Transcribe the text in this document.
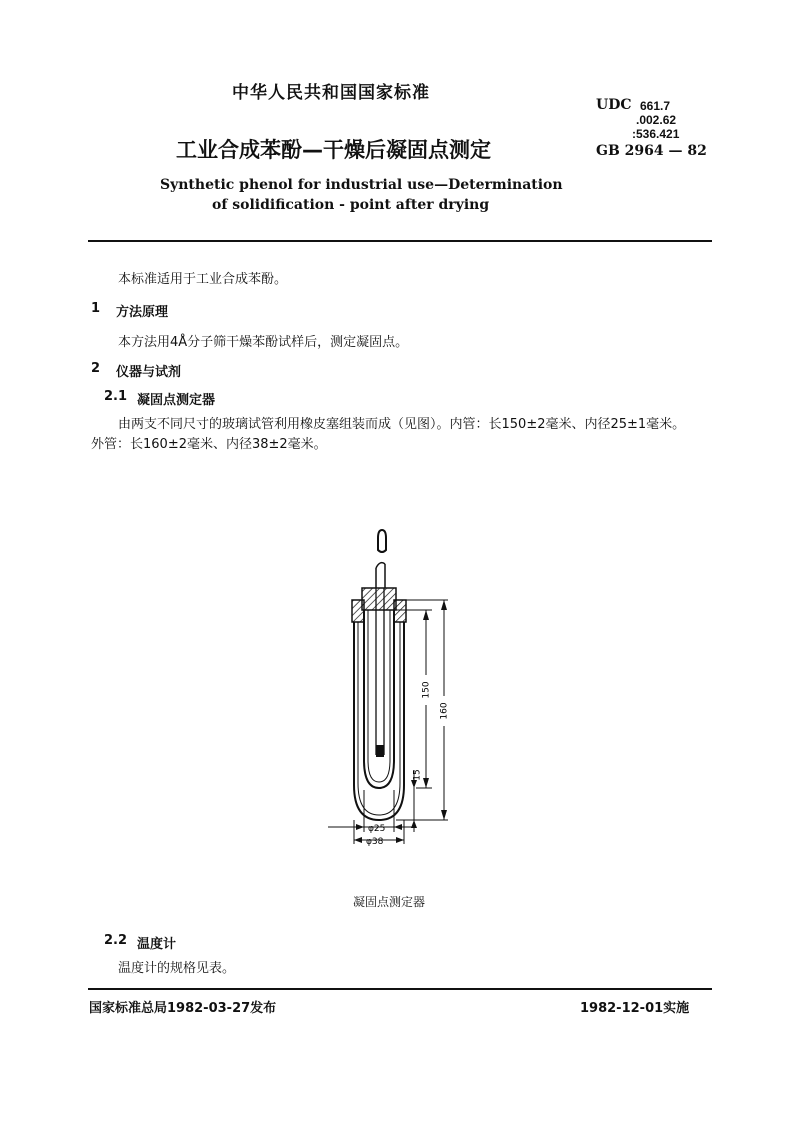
中华人民共和国国家标准
UDC 661.7
.002.62
:536.421
GB 2964 — 82
工业合成苯酚—干燥后凝固点测定
Synthetic phenol for industrial use—Determination
of solidification - point after drying
本标准适用于工业合成苯酚。
1 方法原理
本方法用4Å分子筛干燥苯酚试样后，测定凝固点。
2 仪器与试剂
2.1 凝固点测定器
由两支不同尺寸的玻璃试管利用橡皮塞组装而成（见图）。内管：长150±2毫米、内径25±1毫米。
外管：长160±2毫米、内径38±2毫米。
160
150
15
φ25
φ38
凝固点测定器
2.2 温度计
温度计的规格见表。
国家标准总局1982-03-27发布	1982-12-01实施
